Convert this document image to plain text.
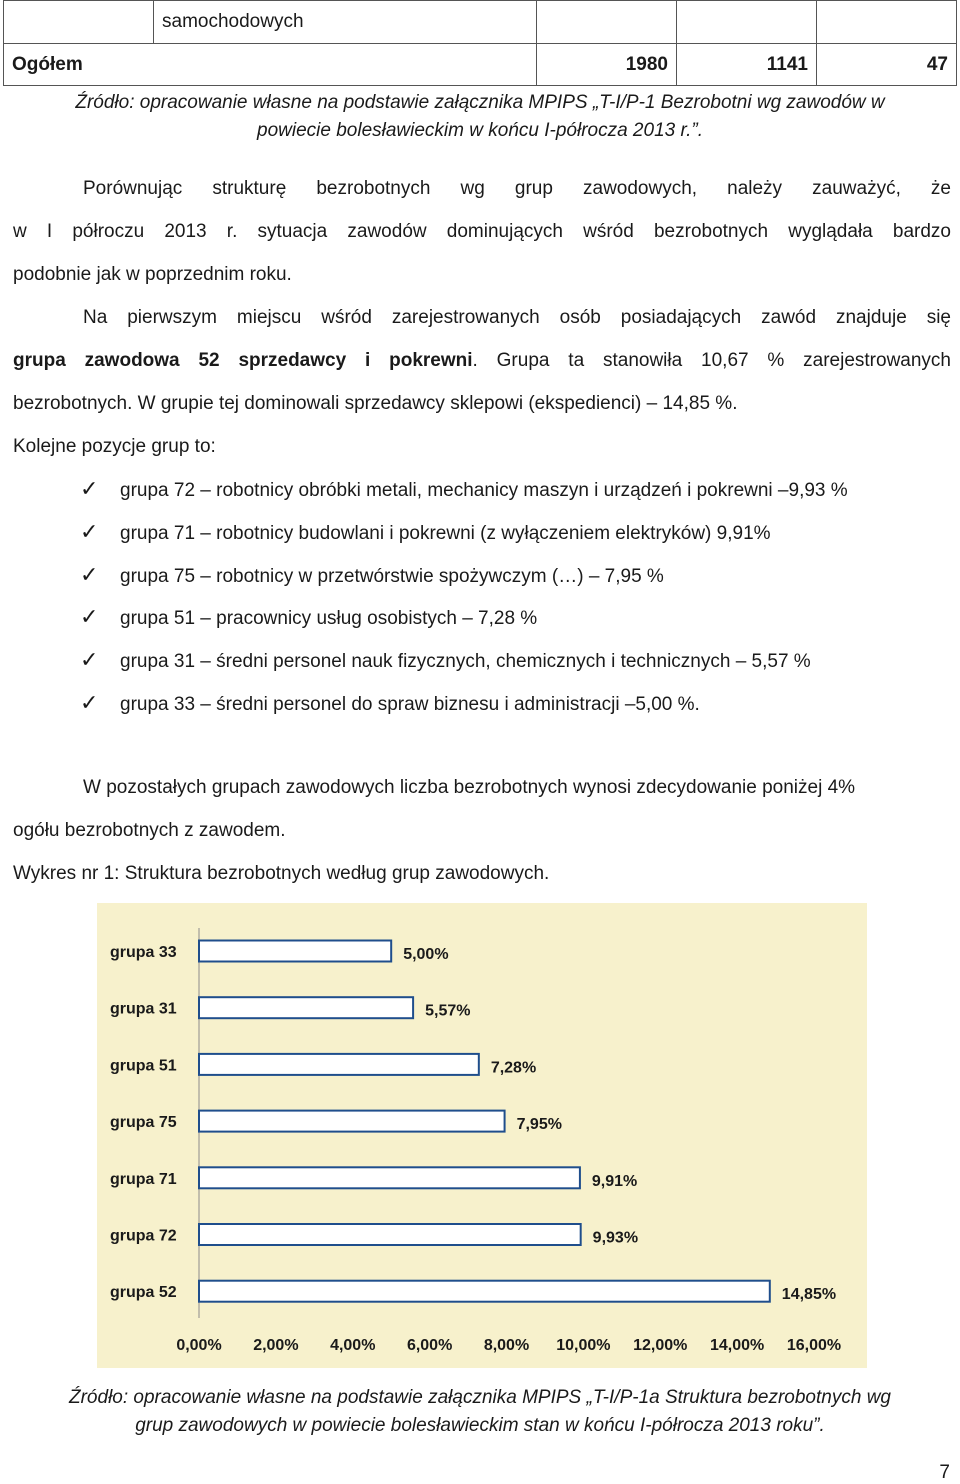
	samochodowych			
Ogółem		1980	1141	47
Źródło: opracowanie własne na podstawie załącznika MPIPS „T-I/P-1 Bezrobotni wg zawodów w
powiecie bolesławieckim w końcu I-półrocza 2013 r.”.
Porównując strukturę bezrobotnych wg grup zawodowych, należy zauważyć, że
w I półroczu 2013 r. sytuacja zawodów dominujących wśród bezrobotnych wyglądała bardzo
podobnie jak w poprzednim roku.
Na pierwszym miejscu wśród zarejestrowanych osób posiadających zawód znajduje się
grupa zawodowa 52 sprzedawcy i pokrewni. Grupa ta stanowiła 10,67 % zarejestrowanych
bezrobotnych. W grupie tej dominowali sprzedawcy sklepowi (ekspedienci) – 14,85 %.
Kolejne pozycje grup to:
✓ grupa 72 – robotnicy obróbki metali, mechanicy maszyn i urządzeń i pokrewni –9,93 %
✓ grupa 71 – robotnicy budowlani i pokrewni (z wyłączeniem elektryków) 9,91%
✓ grupa 75 – robotnicy w przetwórstwie spożywczym (…) – 7,95 %
✓ grupa 51 – pracownicy usług osobistych – 7,28 %
✓ grupa 31 – średni personel nauk fizycznych, chemicznych i technicznych – 5,57 %
✓ grupa 33 – średni personel do spraw biznesu i administracji –5,00 %.
W pozostałych grupach zawodowych liczba bezrobotnych wynosi zdecydowanie poniżej 4%
ogółu bezrobotnych z zawodem.
Wykres nr 1: Struktura bezrobotnych według grup zawodowych.
grupa 33	5,00%
grupa 31	5,57%
grupa 51	7,28%
grupa 75	7,95%
grupa 71	9,91%
grupa 72	9,93%
grupa 52	14,85%
0,00% 2,00% 4,00% 6,00% 8,00% 10,00% 12,00% 14,00% 16,00%
Źródło: opracowanie własne na podstawie załącznika MPIPS „T-I/P-1a Struktura bezrobotnych wg
grup zawodowych w powiecie bolesławieckim stan w końcu I-półrocza 2013 roku”.
7
